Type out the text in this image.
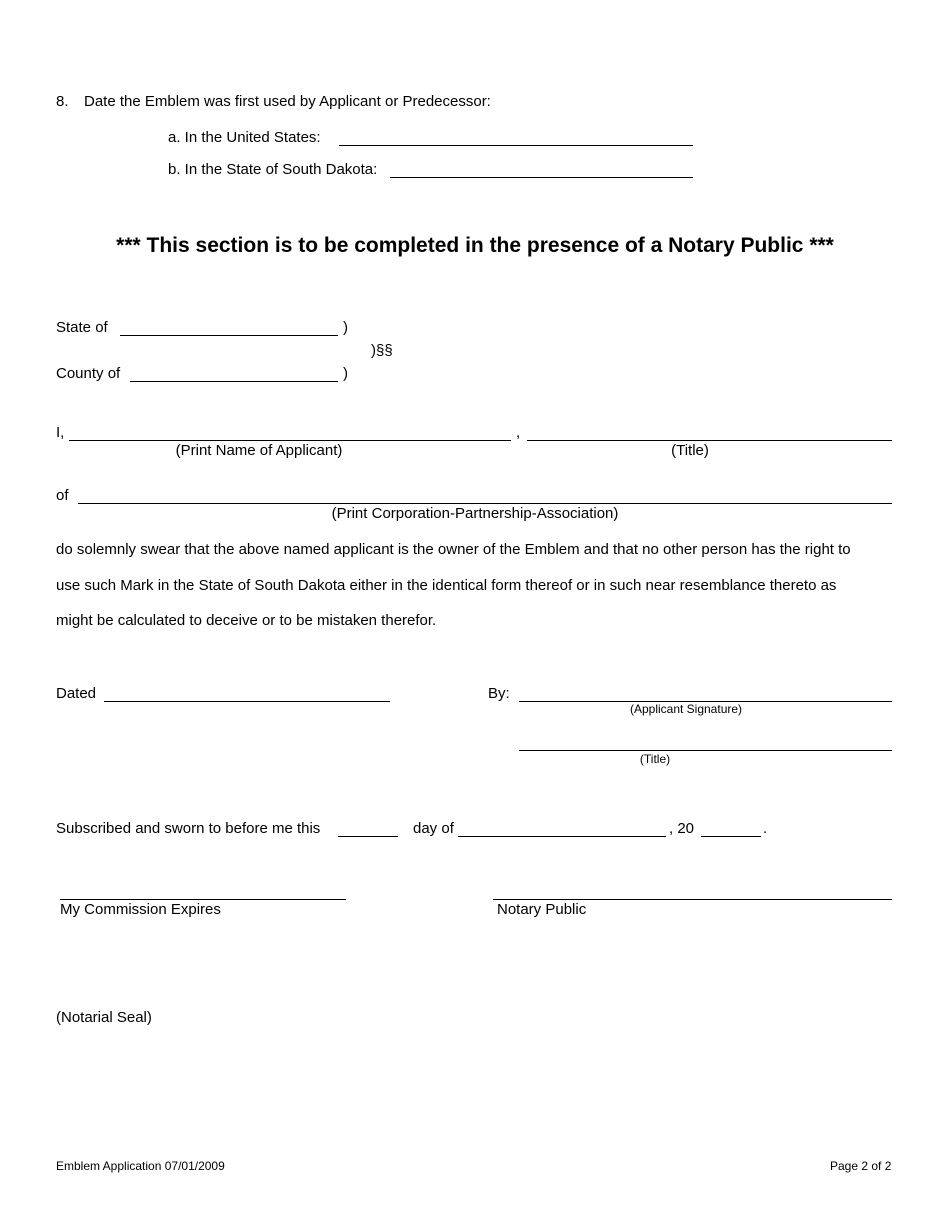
8. Date the Emblem was first used by Applicant or Predecessor:
a. In the United States:
b. In the State of South Dakota:
*** This section is to be completed in the presence of a Notary Public ***
State of	)
)§§
County of	)
I,	,
(Print Name of Applicant)	(Title)
of
(Print Corporation-Partnership-Association)
do solemnly swear that the above named applicant is the owner of the Emblem and that no other person has the right to
use such Mark in the State of South Dakota either in the identical form thereof or in such near resemblance thereto as
might be calculated to deceive or to be mistaken therefor.
Dated	By:
(Applicant Signature)
(Title)
Subscribed and sworn to before me this	day of	, 20	.
My Commission Expires	Notary Public
(Notarial Seal)
Emblem Application 07/01/2009	Page 2 of 2
